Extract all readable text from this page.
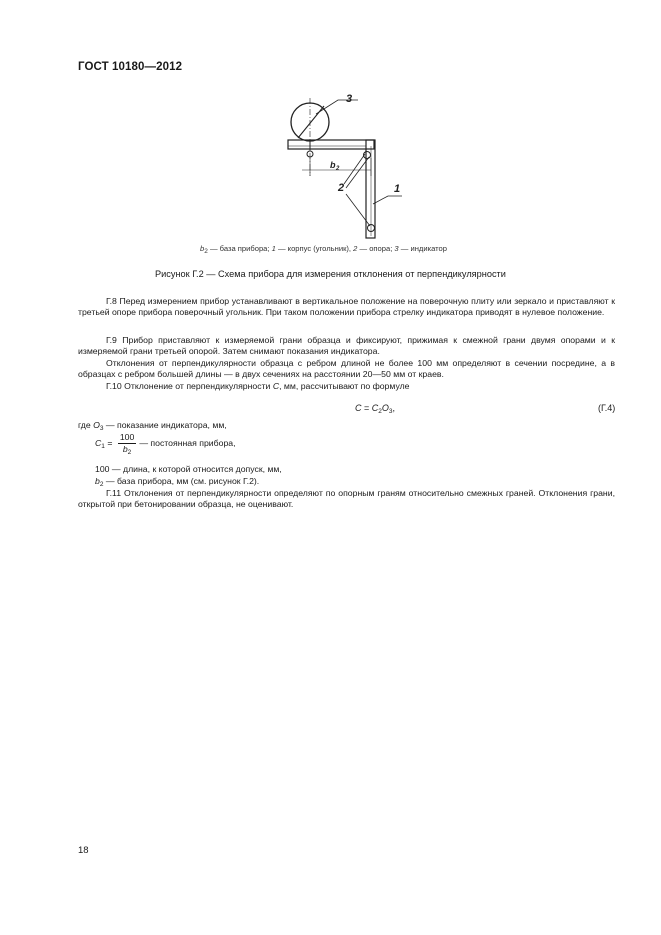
ГОСТ 10180—2012
3
2	1
b 2
$b_2$ — база прибора; 1 — корпус (угольник), 2 — опора; 3 — индикатор
Рисунок Г.2 — Схема прибора для измерения отклонения от перпендикулярности
Г.8 Перед измерением прибор устанавливают в вертикальное положение на поверочную плиту или зеркало и приставляют к третьей опоре прибора поверочный угольник. При таком положении прибора стрелку индикатора приводят в нулевое положение.
Г.9 Прибор приставляют к измеряемой грани образца и фиксируют, прижимая к смежной грани двумя опорами и к измеряемой грани третьей опорой. Затем снимают показания индикатора.
Отклонения от перпендикулярности образца с ребром длиной не более 100 мм определяют в сечении посредине, а в образцах с ребром большей длины — в двух сечениях на расстоянии 20—50 мм от краев.
Г.10 Отклонение от перпендикулярности C, мм, рассчитывают по формуле
$C = C_2O_3$,	(Г.4)
где $O_3$ — показание индикатора, мм,
$C_1 = \frac{100}{b_2}$ — постоянная прибора,
100 — длина, к которой относится допуск, мм,
$b_2$ — база прибора, мм (см. рисунок Г.2).
Г.11 Отклонения от перпендикулярности определяют по опорным граням относительно смежных граней. Отклонения грани, открытой при бетонировании образца, не оценивают.
18
